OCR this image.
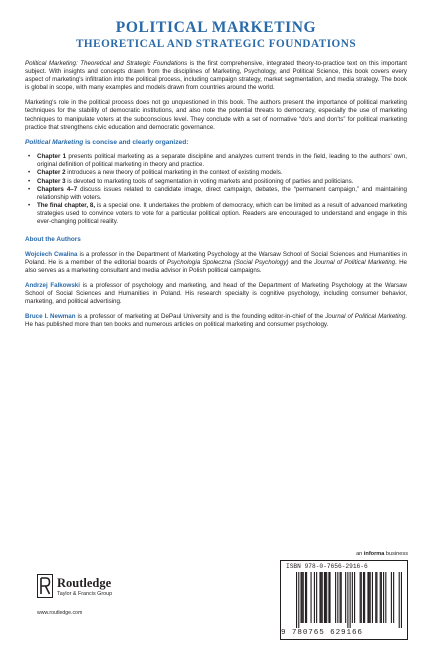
POLITICAL MARKETING
THEORETICAL AND STRATEGIC FOUNDATIONS

Political Marketing: Theoretical and Strategic Foundations is the first comprehensive, integrated theory-to-practice text on this important subject. With insights and concepts drawn from the disciplines of Marketing, Psychology, and Political Science, this book covers every aspect of marketing's infiltration into the political process, including campaign strategy, market segmentation, and media strategy. The book is global in scope, with many examples and models drawn from countries around the world.

Marketing's role in the political process does not go unquestioned in this book. The authors present the importance of political marketing techniques for the stability of democratic institutions, and also note the potential threats to democracy, especially the use of marketing techniques to manipulate voters at the subconscious level. They conclude with a set of normative “do's and don'ts” for political marketing practice that strengthens civic education and democratic governance.

Political Marketing is concise and clearly organized:
• Chapter 1 presents political marketing as a separate discipline and analyzes current trends in the field, leading to the authors' own, original definition of political marketing in theory and practice.
• Chapter 2 introduces a new theory of political marketing in the context of existing models.
• Chapter 3 is devoted to marketing tools of segmentation in voting markets and positioning of parties and politicians.
• Chapters 4–7 discuss issues related to candidate image, direct campaign, debates, the “permanent campaign,” and maintaining relationship with voters.
• The final chapter, 8, is a special one. It undertakes the problem of democracy, which can be limited as a result of advanced marketing strategies used to convince voters to vote for a particular political option. Readers are encouraged to understand and engage in this ever-changing political reality.
About the Authors

Wojciech Cwalina is a professor in the Department of Marketing Psychology at the Warsaw School of Social Sciences and Humanities in Poland. He is a member of the editorial boards of Psychologia Społeczna (Social Psychology) and the Journal of Political Marketing. He also serves as a marketing consultant and media advisor in Polish political campaigns.

Andrzej Falkowski is a professor of psychology and marketing, and head of the Department of Marketing Psychology at the Warsaw School of Social Sciences and Humanities in Poland. His research specialty is cognitive psychology, including consumer behavior, marketing, and political advertising.

Bruce I. Newman is a professor of marketing at DePaul University and is the founding editor-in-chief of the Journal of Political Marketing. He has published more than ten books and numerous articles on political marketing and consumer psychology.

Routledge
Taylor & Francis Group
www.routledge.com
an informa business
ISBN 978-0-7656-2916-6
9 780765 629166
